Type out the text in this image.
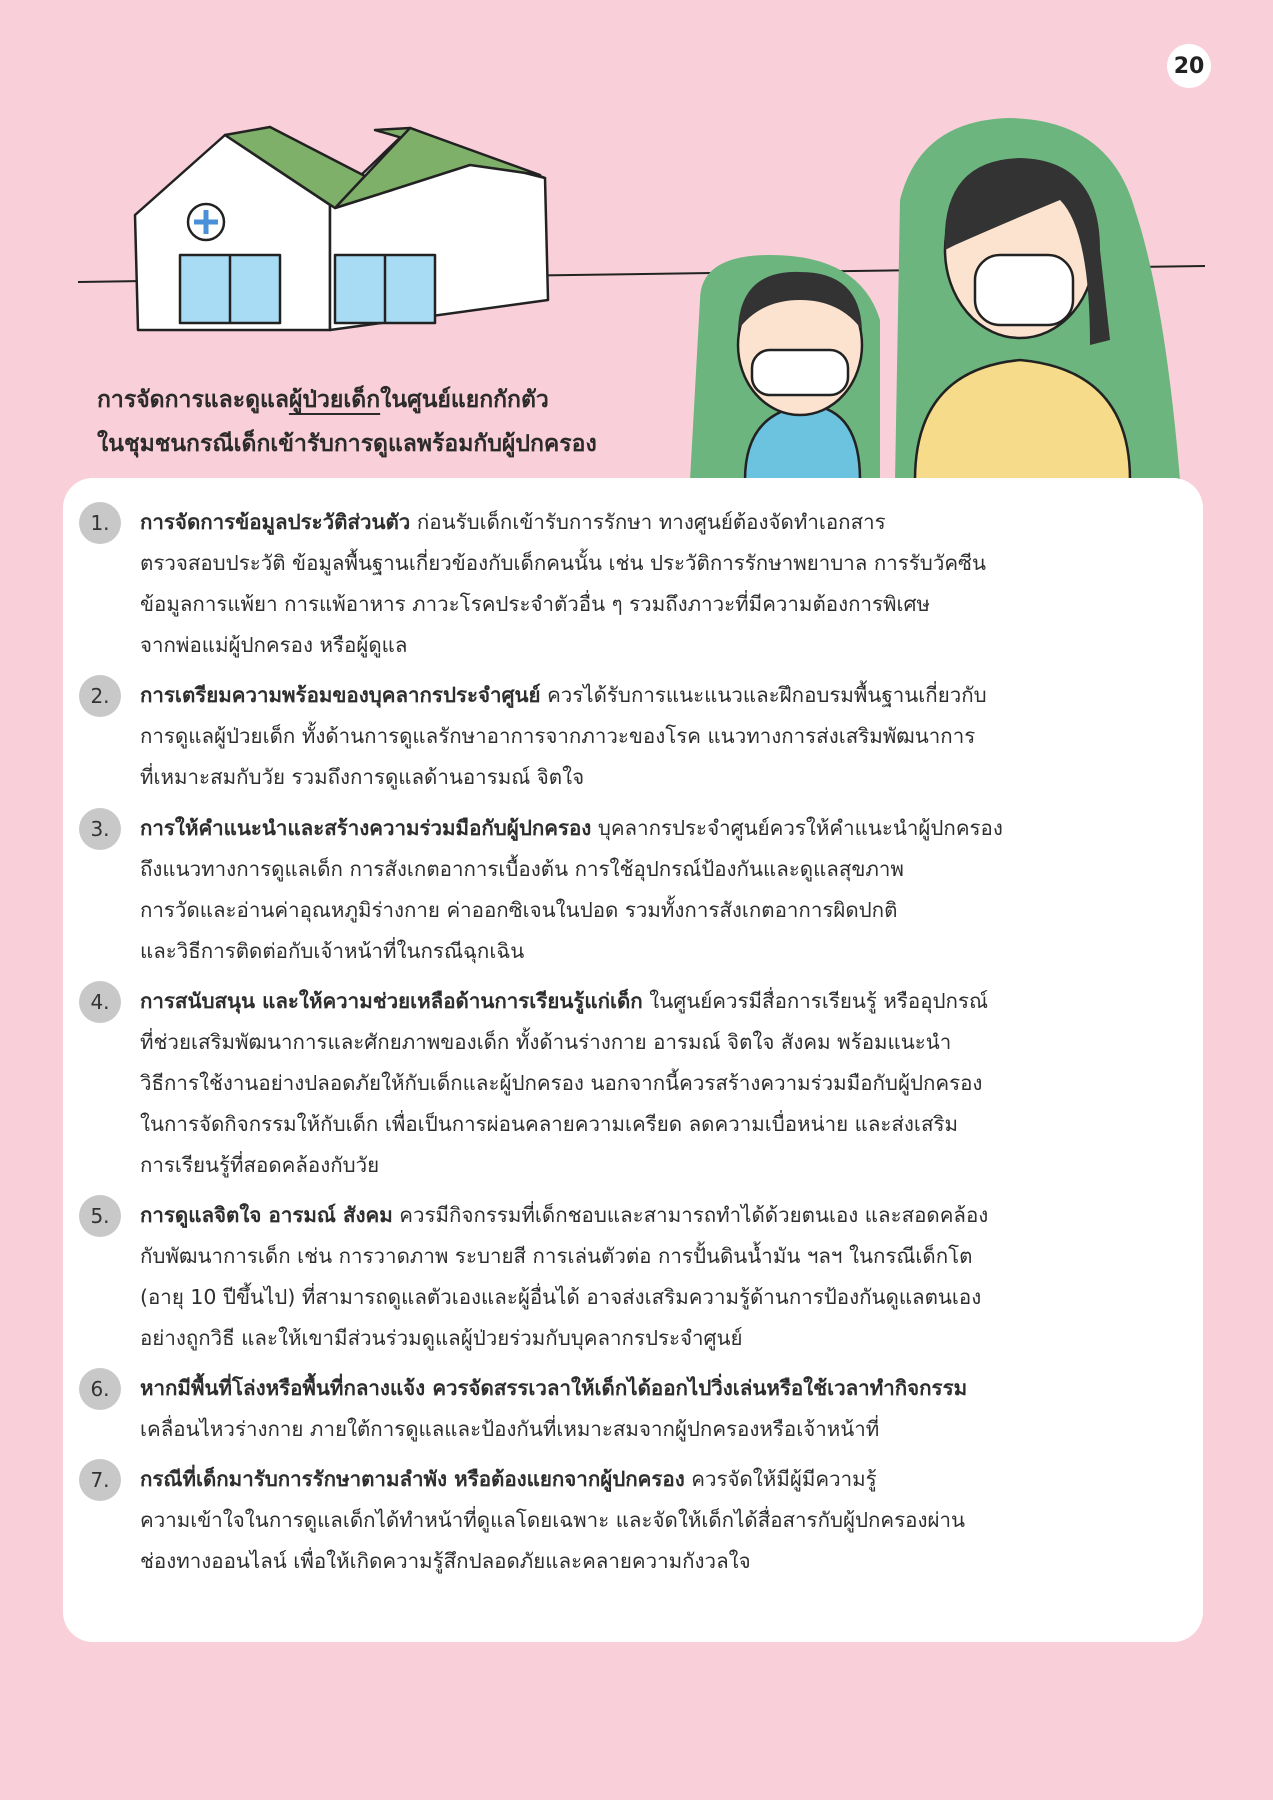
20
การจัดการและดูแลผู้ป่วยเด็กในศูนย์แยกกักตัว
ในชุมชนกรณีเด็กเข้ารับการดูแลพร้อมกับผู้ปกครอง
1.	การจัดการข้อมูลประวัติส่วนตัว ก่อนรับเด็กเข้ารับการรักษา ทางศูนย์ต้องจัดทำเอกสาร
ตรวจสอบประวัติ ข้อมูลพื้นฐานเกี่ยวข้องกับเด็กคนนั้น เช่น ประวัติการรักษาพยาบาล การรับวัคซีน
ข้อมูลการแพ้ยา การแพ้อาหาร ภาวะโรคประจำตัวอื่น ๆ รวมถึงภาวะที่มีความต้องการพิเศษ
จากพ่อแม่ผู้ปกครอง หรือผู้ดูแล
2.	การเตรียมความพร้อมของบุคลากรประจำศูนย์ ควรได้รับการแนะแนวและฝึกอบรมพื้นฐานเกี่ยวกับ
การดูแลผู้ป่วยเด็ก ทั้งด้านการดูแลรักษาอาการจากภาวะของโรค แนวทางการส่งเสริมพัฒนาการ
ที่เหมาะสมกับวัย รวมถึงการดูแลด้านอารมณ์ จิตใจ
3.	การให้คำแนะนำและสร้างความร่วมมือกับผู้ปกครอง บุคลากรประจำศูนย์ควรให้คำแนะนำผู้ปกครอง
ถึงแนวทางการดูแลเด็ก การสังเกตอาการเบื้องต้น การใช้อุปกรณ์ป้องกันและดูแลสุขภาพ
การวัดและอ่านค่าอุณหภูมิร่างกาย ค่าออกซิเจนในปอด รวมทั้งการสังเกตอาการผิดปกติ
และวิธีการติดต่อกับเจ้าหน้าที่ในกรณีฉุกเฉิน
4.	การสนับสนุน และให้ความช่วยเหลือด้านการเรียนรู้แก่เด็ก ในศูนย์ควรมีสื่อการเรียนรู้ หรืออุปกรณ์
ที่ช่วยเสริมพัฒนาการและศักยภาพของเด็ก ทั้งด้านร่างกาย อารมณ์ จิตใจ สังคม พร้อมแนะนำ
วิธีการใช้งานอย่างปลอดภัยให้กับเด็กและผู้ปกครอง นอกจากนี้ควรสร้างความร่วมมือกับผู้ปกครอง
ในการจัดกิจกรรมให้กับเด็ก เพื่อเป็นการผ่อนคลายความเครียด ลดความเบื่อหน่าย และส่งเสริม
การเรียนรู้ที่สอดคล้องกับวัย
5.	การดูแลจิตใจ อารมณ์ สังคม ควรมีกิจกรรมที่เด็กชอบและสามารถทำได้ด้วยตนเอง และสอดคล้อง
กับพัฒนาการเด็ก เช่น การวาดภาพ ระบายสี การเล่นตัวต่อ การปั้นดินน้ำมัน ฯลฯ ในกรณีเด็กโต
(อายุ 10 ปีขึ้นไป) ที่สามารถดูแลตัวเองและผู้อื่นได้ อาจส่งเสริมความรู้ด้านการป้องกันดูแลตนเอง
อย่างถูกวิธี และให้เขามีส่วนร่วมดูแลผู้ป่วยร่วมกับบุคลากรประจำศูนย์
6.	หากมีพื้นที่โล่งหรือพื้นที่กลางแจ้ง ควรจัดสรรเวลาให้เด็กได้ออกไปวิ่งเล่นหรือใช้เวลาทำกิจกรรม
เคลื่อนไหวร่างกาย ภายใต้การดูแลและป้องกันที่เหมาะสมจากผู้ปกครองหรือเจ้าหน้าที่
7.	กรณีที่เด็กมารับการรักษาตามลำพัง หรือต้องแยกจากผู้ปกครอง ควรจัดให้มีผู้มีความรู้
ความเข้าใจในการดูแลเด็กได้ทำหน้าที่ดูแลโดยเฉพาะ และจัดให้เด็กได้สื่อสารกับผู้ปกครองผ่าน
ช่องทางออนไลน์ เพื่อให้เกิดความรู้สึกปลอดภัยและคลายความกังวลใจ
